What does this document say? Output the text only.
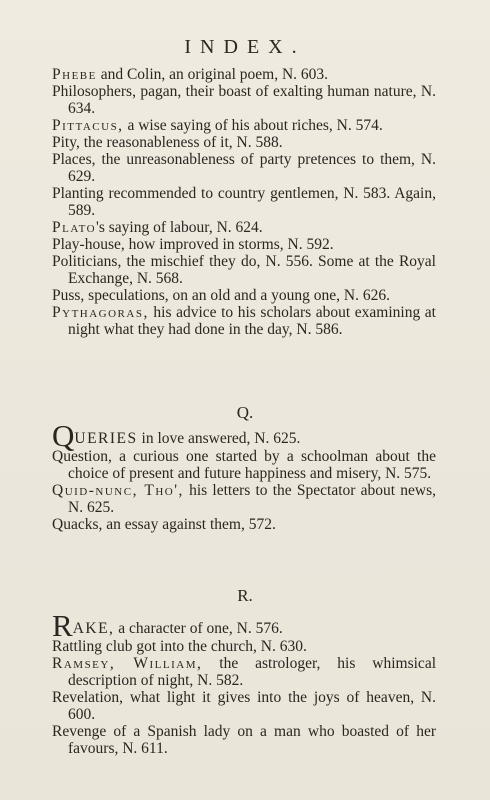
INDEX.
Phebe and Colin, an original poem, N. 603.
Philosophers, pagan, their boast of exalting human nature, N. 634.
Pittacus, a wise saying of his about riches, N. 574.
Pity, the reasonableness of it, N. 588.
Places, the unreasonableness of party pretences to them, N. 629.
Planting recommended to country gentlemen, N. 583. Again, 589.
Plato's saying of labour, N. 624.
Play-house, how improved in storms, N. 592.
Politicians, the mischief they do, N. 556. Some at the Royal Exchange, N. 568.
Puss, speculations, on an old and a young one, N. 626.
Pythagoras, his advice to his scholars about examining at night what they had done in the day, N. 586.
Q.
QUERIES in love answered, N. 625.
Question, a curious one started by a schoolman about the choice of present and future happiness and misery, N. 575.
Quid-nunc, Tho', his letters to the Spectator about news, N. 625.
Quacks, an essay against them, 572.
R.
RAKE, a character of one, N. 576.
Rattling club got into the church, N. 630.
Ramsey, William, the astrologer, his whimsical description of night, N. 582.
Revelation, what light it gives into the joys of heaven, N. 600.
Revenge of a Spanish lady on a man who boasted of her favours, N. 611.
